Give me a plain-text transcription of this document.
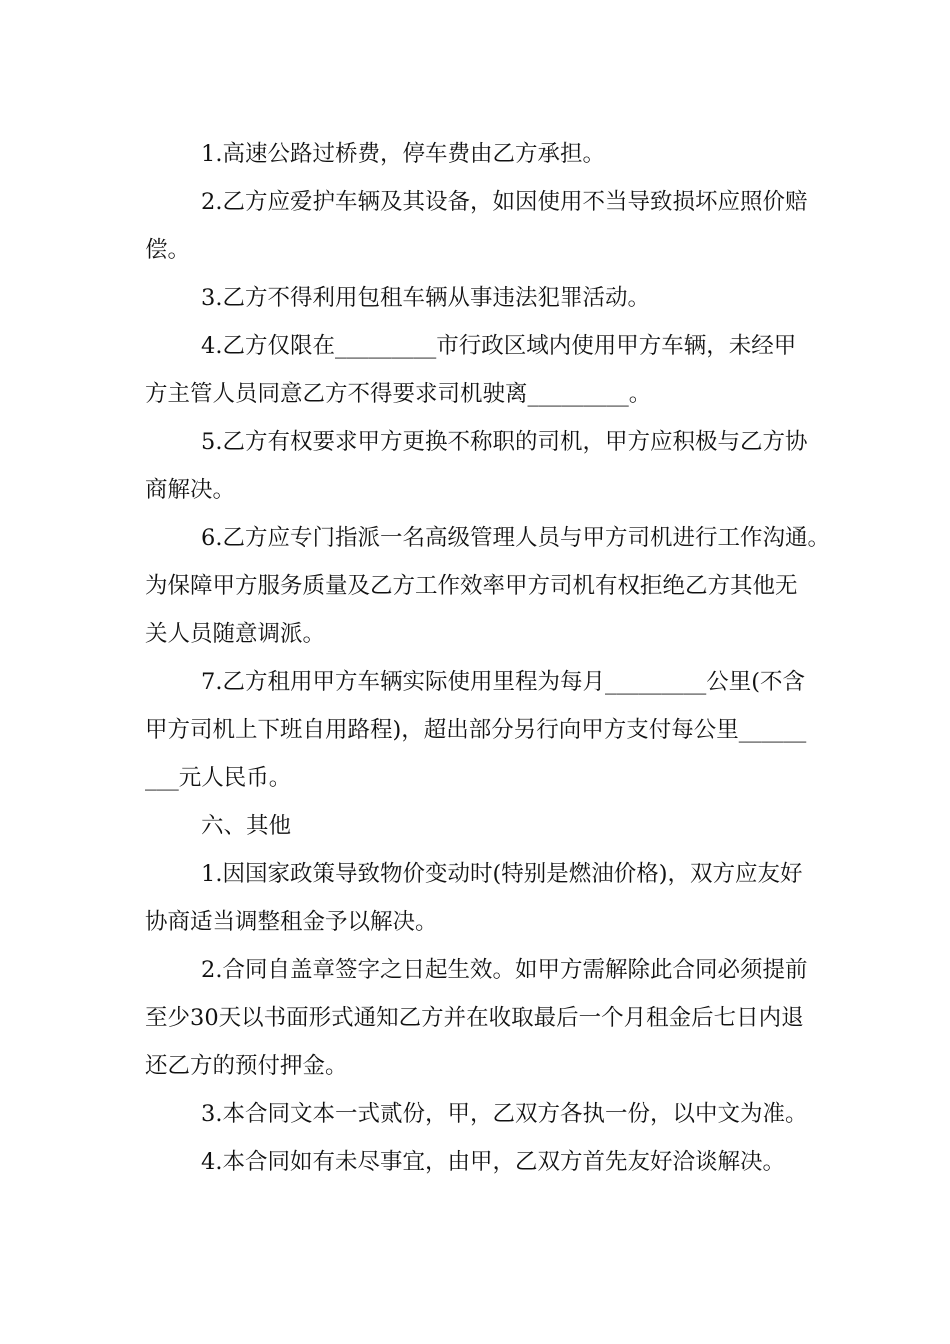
1.高速公路过桥费，停车费由乙方承担。
2.乙方应爱护车辆及其设备，如因使用不当导致损坏应照价赔
偿。
3.乙方不得利用包租车辆从事违法犯罪活动。
4.乙方仅限在_________市行政区域内使用甲方车辆，未经甲
方主管人员同意乙方不得要求司机驶离_________。
5.乙方有权要求甲方更换不称职的司机，甲方应积极与乙方协
商解决。
6.乙方应专门指派一名高级管理人员与甲方司机进行工作沟通。
为保障甲方服务质量及乙方工作效率甲方司机有权拒绝乙方其他无
关人员随意调派。
7.乙方租用甲方车辆实际使用里程为每月_________公里(不含
甲方司机上下班自用路程)，超出部分另行向甲方支付每公里______
___元人民币。
六、其他
1.因国家政策导致物价变动时(特别是燃油价格)，双方应友好
协商适当调整租金予以解决。
2.合同自盖章签字之日起生效。如甲方需解除此合同必须提前
至少30天以书面形式通知乙方并在收取最后一个月租金后七日内退
还乙方的预付押金。
3.本合同文本一式贰份，甲，乙双方各执一份，以中文为准。
4.本合同如有未尽事宜，由甲，乙双方首先友好洽谈解决。
